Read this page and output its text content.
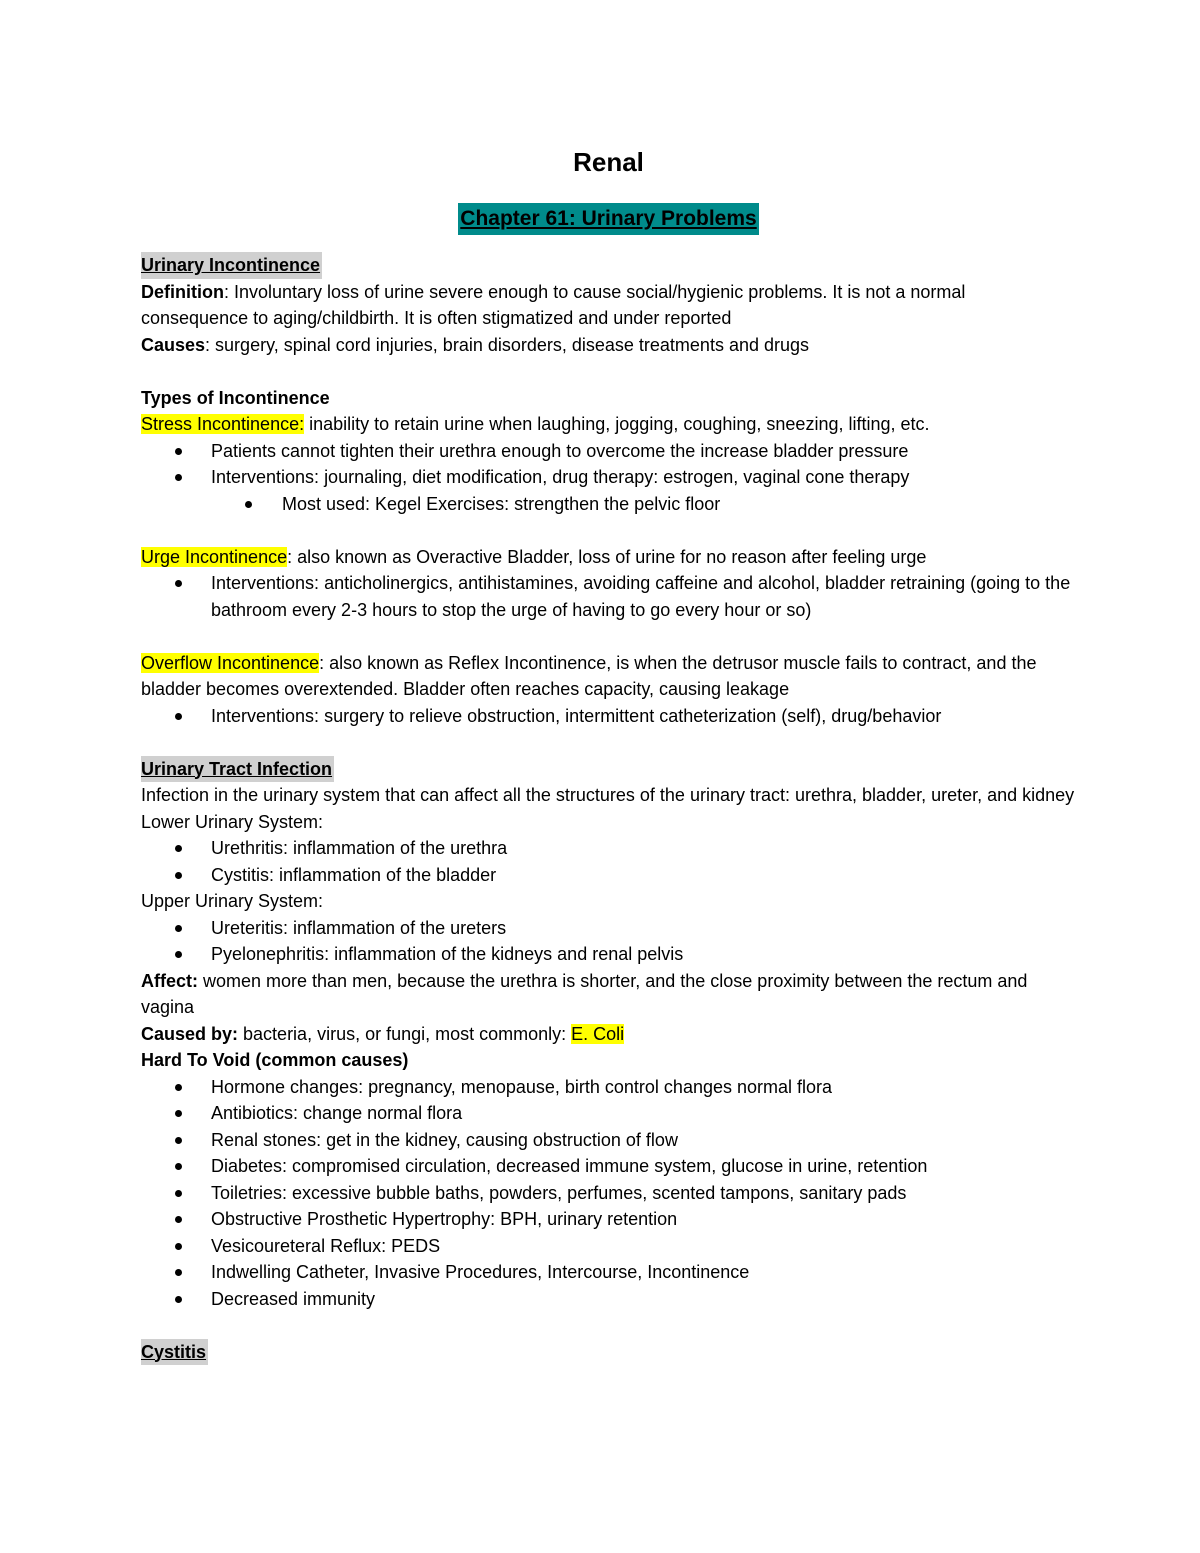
Renal
Chapter 61: Urinary Problems
Urinary Incontinence

Definition: Involuntary loss of urine severe enough to cause social/hygienic problems. It is not a normal consequence to aging/childbirth. It is often stigmatized and under reported

Causes: surgery, spinal cord injuries, brain disorders, disease treatments and drugs

Types of Incontinence

Stress Incontinence: inability to retain urine when laughing, jogging, coughing, sneezing, lifting, etc.

Patients cannot tighten their urethra enough to overcome the increase bladder pressure
Interventions: journaling, diet modification, drug therapy: estrogen, vaginal cone therapy
Most used: Kegel Exercises: strengthen the pelvic floor

Urge Incontinence: also known as Overactive Bladder, loss of urine for no reason after feeling urge

Interventions: anticholinergics, antihistamines, avoiding caffeine and alcohol, bladder retraining (going to the bathroom every 2-3 hours to stop the urge of having to go every hour or so)

Overflow Incontinence: also known as Reflex Incontinence, is when the detrusor muscle fails to contract, and the bladder becomes overextended. Bladder often reaches capacity, causing leakage

Interventions: surgery to relieve obstruction, intermittent catheterization (self), drug/behavior
Urinary Tract Infection

Infection in the urinary system that can affect all the structures of the urinary tract: urethra, bladder, ureter, and kidney

Lower Urinary System:

Urethritis: inflammation of the urethra
Cystitis: inflammation of the bladder

Upper Urinary System:

Ureteritis: inflammation of the ureters
Pyelonephritis: inflammation of the kidneys and renal pelvis

Affect: women more than men, because the urethra is shorter, and the close proximity between the rectum and vagina

Caused by: bacteria, virus, or fungi, most commonly: E. Coli

Hard To Void (common causes)

Hormone changes: pregnancy, menopause, birth control changes normal flora
Antibiotics: change normal flora
Renal stones: get in the kidney, causing obstruction of flow
Diabetes: compromised circulation, decreased immune system, glucose in urine, retention
Toiletries: excessive bubble baths, powders, perfumes, scented tampons, sanitary pads
Obstructive Prosthetic Hypertrophy: BPH, urinary retention
Vesicoureteral Reflux: PEDS
Indwelling Catheter, Invasive Procedures, Intercourse, Incontinence
Decreased immunity
Cystitis
